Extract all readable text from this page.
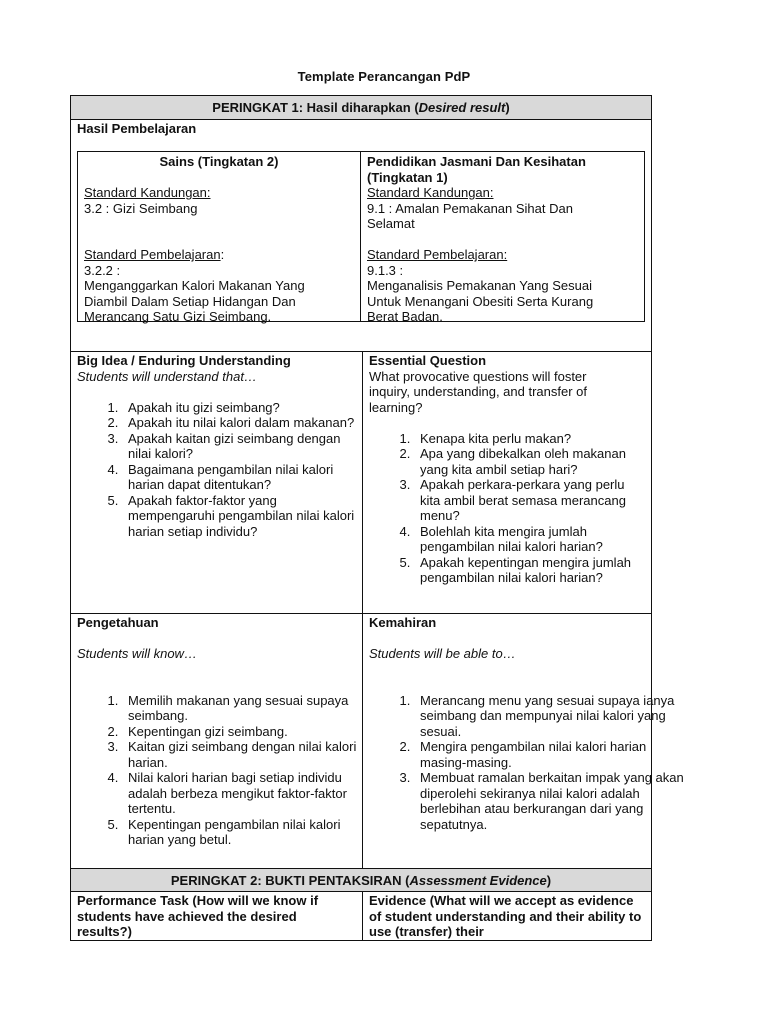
Template Perancangan PdP
PERINGKAT 1: Hasil diharapkan (Desired result)
Hasil Pembelajaran
Sains (Tingkatan 2)
Standard Kandungan:
3.2 : Gizi Seimbang
Standard Pembelajaran:
3.2.2 :
Menganggarkan Kalori Makanan Yang Diambil Dalam Setiap Hidangan Dan Merancang Satu Gizi Seimbang.
Pendidikan Jasmani Dan Kesihatan (Tingkatan 1)
Standard Kandungan:
9.1 : Amalan Pemakanan Sihat Dan Selamat
Standard Pembelajaran:
9.1.3 :
Menganalisis Pemakanan Yang Sesuai Untuk Menangani Obesiti Serta Kurang Berat Badan.
Big Idea / Enduring Understanding
Students will understand that…
1. Apakah itu gizi seimbang?
2. Apakah itu nilai kalori dalam makanan?
3. Apakah kaitan gizi seimbang dengan nilai kalori?
4. Bagaimana pengambilan nilai kalori harian dapat ditentukan?
5. Apakah faktor-faktor yang mempengaruhi pengambilan nilai kalori harian setiap individu?
Essential Question
What provocative questions will foster inquiry, understanding, and transfer of learning?
1. Kenapa kita perlu makan?
2. Apa yang dibekalkan oleh makanan yang kita ambil setiap hari?
3. Apakah perkara-perkara yang perlu kita ambil berat semasa merancang menu?
4. Bolehlah kita mengira jumlah pengambilan nilai kalori harian?
5. Apakah kepentingan mengira jumlah pengambilan nilai kalori harian?
Pengetahuan
Students will know…
1. Memilih makanan yang sesuai supaya seimbang.
2. Kepentingan gizi seimbang.
3. Kaitan gizi seimbang dengan nilai kalori harian.
4. Nilai kalori harian bagi setiap individu adalah berbeza mengikut faktor-faktor tertentu.
5. Kepentingan pengambilan nilai kalori harian yang betul.
Kemahiran
Students will be able to…
1. Merancang menu yang sesuai supaya ianya seimbang dan mempunyai nilai kalori yang sesuai.
2. Mengira pengambilan nilai kalori harian masing-masing.
3. Membuat ramalan berkaitan impak yang akan diperolehi sekiranya nilai kalori adalah berlebihan atau berkurangan dari yang sepatutnya.
PERINGKAT 2: BUKTI PENTAKSIRAN (Assessment Evidence)
Performance Task (How will we know if students have achieved the desired results?)
Evidence (What will we accept as evidence of student understanding and their ability to use (transfer) their
